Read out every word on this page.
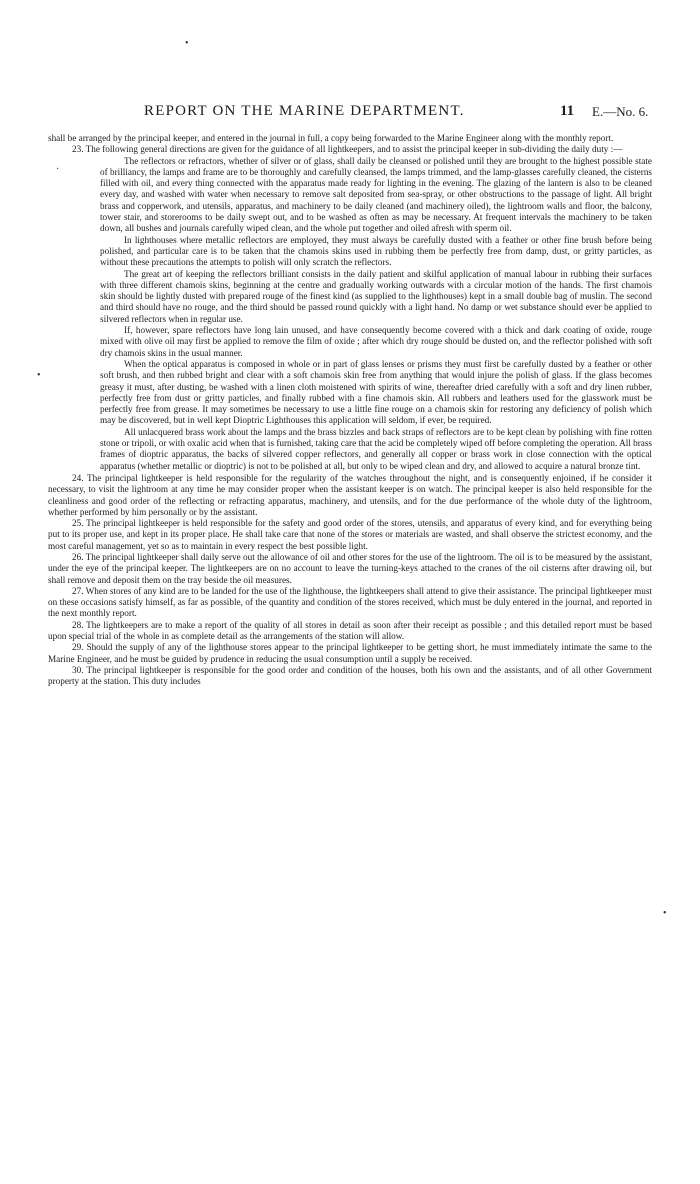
•
·
•
•
REPORT ON THE MARINE DEPARTMENT.	11 E.—No. 6.

shall be arranged by the principal keeper, and entered in the journal in full, a copy being forwarded to the Marine Engineer along with the monthly report.

23. The following general directions are given for the guidance of all lightkeepers, and to assist the principal keeper in sub-dividing the daily duty :—

The reflectors or refractors, whether of silver or of glass, shall daily be cleansed or polished until they are brought to the highest possible state of brilliancy, the lamps and frame are to be thoroughly and carefully cleansed, the lamps trimmed, and the lamp-glasses carefully cleaned, the cisterns filled with oil, and every thing connected with the apparatus made ready for lighting in the evening. The glazing of the lantern is also to be cleaned every day, and washed with water when necessary to remove salt deposited from sea-spray, or other obstructions to the passage of light. All bright brass and copperwork, and utensils, apparatus, and machinery to be daily cleaned (and machinery oiled), the lightroom walls and floor, the balcony, tower stair, and storerooms to be daily swept out, and to be washed as often as may be necessary. At frequent intervals the machinery to be taken down, all bushes and journals carefully wiped clean, and the whole put together and oiled afresh with sperm oil.

In lighthouses where metallic reflectors are employed, they must always be carefully dusted with a feather or other fine brush before being polished, and particular care is to be taken that the chamois skins used in rubbing them be perfectly free from damp, dust, or gritty particles, as without these precautions the attempts to polish will only scratch the reflectors.

The great art of keeping the reflectors brilliant consists in the daily patient and skilful application of manual labour in rubbing their surfaces with three different chamois skins, beginning at the centre and gradually working outwards with a circular motion of the hands. The first chamois skin should be lightly dusted with prepared rouge of the finest kind (as supplied to the lighthouses) kept in a small double bag of muslin. The second and third should have no rouge, and the third should be passed round quickly with a light hand. No damp or wet substance should ever be applied to silvered reflectors when in regular use.

If, however, spare reflectors have long lain unused, and have consequently become covered with a thick and dark coating of oxide, rouge mixed with olive oil may first be applied to remove the film of oxide ; after which dry rouge should be dusted on, and the reflector polished with soft dry chamois skins in the usual manner.

When the optical apparatus is composed in whole or in part of glass lenses or prisms they must first be carefully dusted by a feather or other soft brush, and then rubbed bright and clear with a soft chamois skin free from anything that would injure the polish of glass. If the glass becomes greasy it must, after dusting, be washed with a linen cloth moistened with spirits of wine, thereafter dried carefully with a soft and dry linen rubber, perfectly free from dust or gritty particles, and finally rubbed with a fine chamois skin. All rubbers and leathers used for the glasswork must be perfectly free from grease. It may sometimes be necessary to use a little fine rouge on a chamois skin for restoring any deficiency of polish which may be discovered, but in well kept Dioptric Lighthouses this application will seldom, if ever, be required.

All unlacquered brass work about the lamps and the brass bizzles and back straps of reflectors are to be kept clean by polishing with fine rotten stone or tripoli, or with oxalic acid when that is furnished, taking care that the acid be completely wiped off before completing the operation. All brass frames of dioptric apparatus, the backs of silvered copper reflectors, and generally all copper or brass work in close connection with the optical apparatus (whether metallic or dioptric) is not to be polished at all, but only to be wiped clean and dry, and allowed to acquire a natural bronze tint.

24. The principal lightkeeper is held responsible for the regularity of the watches throughout the night, and is consequently enjoined, if he consider it necessary, to visit the lightroom at any time he may consider proper when the assistant keeper is on watch. The principal keeper is also held responsible for the cleanliness and good order of the reflecting or refracting apparatus, machinery, and utensils, and for the due performance of the whole duty of the lightroom, whether performed by him personally or by the assistant.

25. The principal lightkeeper is held responsible for the safety and good order of the stores, utensils, and apparatus of every kind, and for everything being put to its proper use, and kept in its proper place. He shall take care that none of the stores or materials are wasted, and shall observe the strictest economy, and the most careful management, yet so as to maintain in every respect the best possible light.

26. The principal lightkeeper shall daily serve out the allowance of oil and other stores for the use of the lightroom. The oil is to be measured by the assistant, under the eye of the principal keeper. The lightkeepers are on no account to leave the turning-keys attached to the cranes of the oil cisterns after drawing oil, but shall remove and deposit them on the tray beside the oil measures.

27. When stores of any kind are to be landed for the use of the lighthouse, the lightkeepers shall attend to give their assistance. The principal lightkeeper must on these occasions satisfy himself, as far as possible, of the quantity and condition of the stores received, which must be duly entered in the journal, and reported in the next monthly report.

28. The lightkeepers are to make a report of the quality of all stores in detail as soon after their receipt as possible ; and this detailed report must be based upon special trial of the whole in as complete detail as the arrangements of the station will allow.

29. Should the supply of any of the lighthouse stores appear to the principal lightkeeper to be getting short, he must immediately intimate the same to the Marine Engineer, and he must be guided by prudence in reducing the usual consumption until a supply be received.

30. The principal lightkeeper is responsible for the good order and condition of the houses, both his own and the assistants, and of all other Government property at the station. This duty includes
